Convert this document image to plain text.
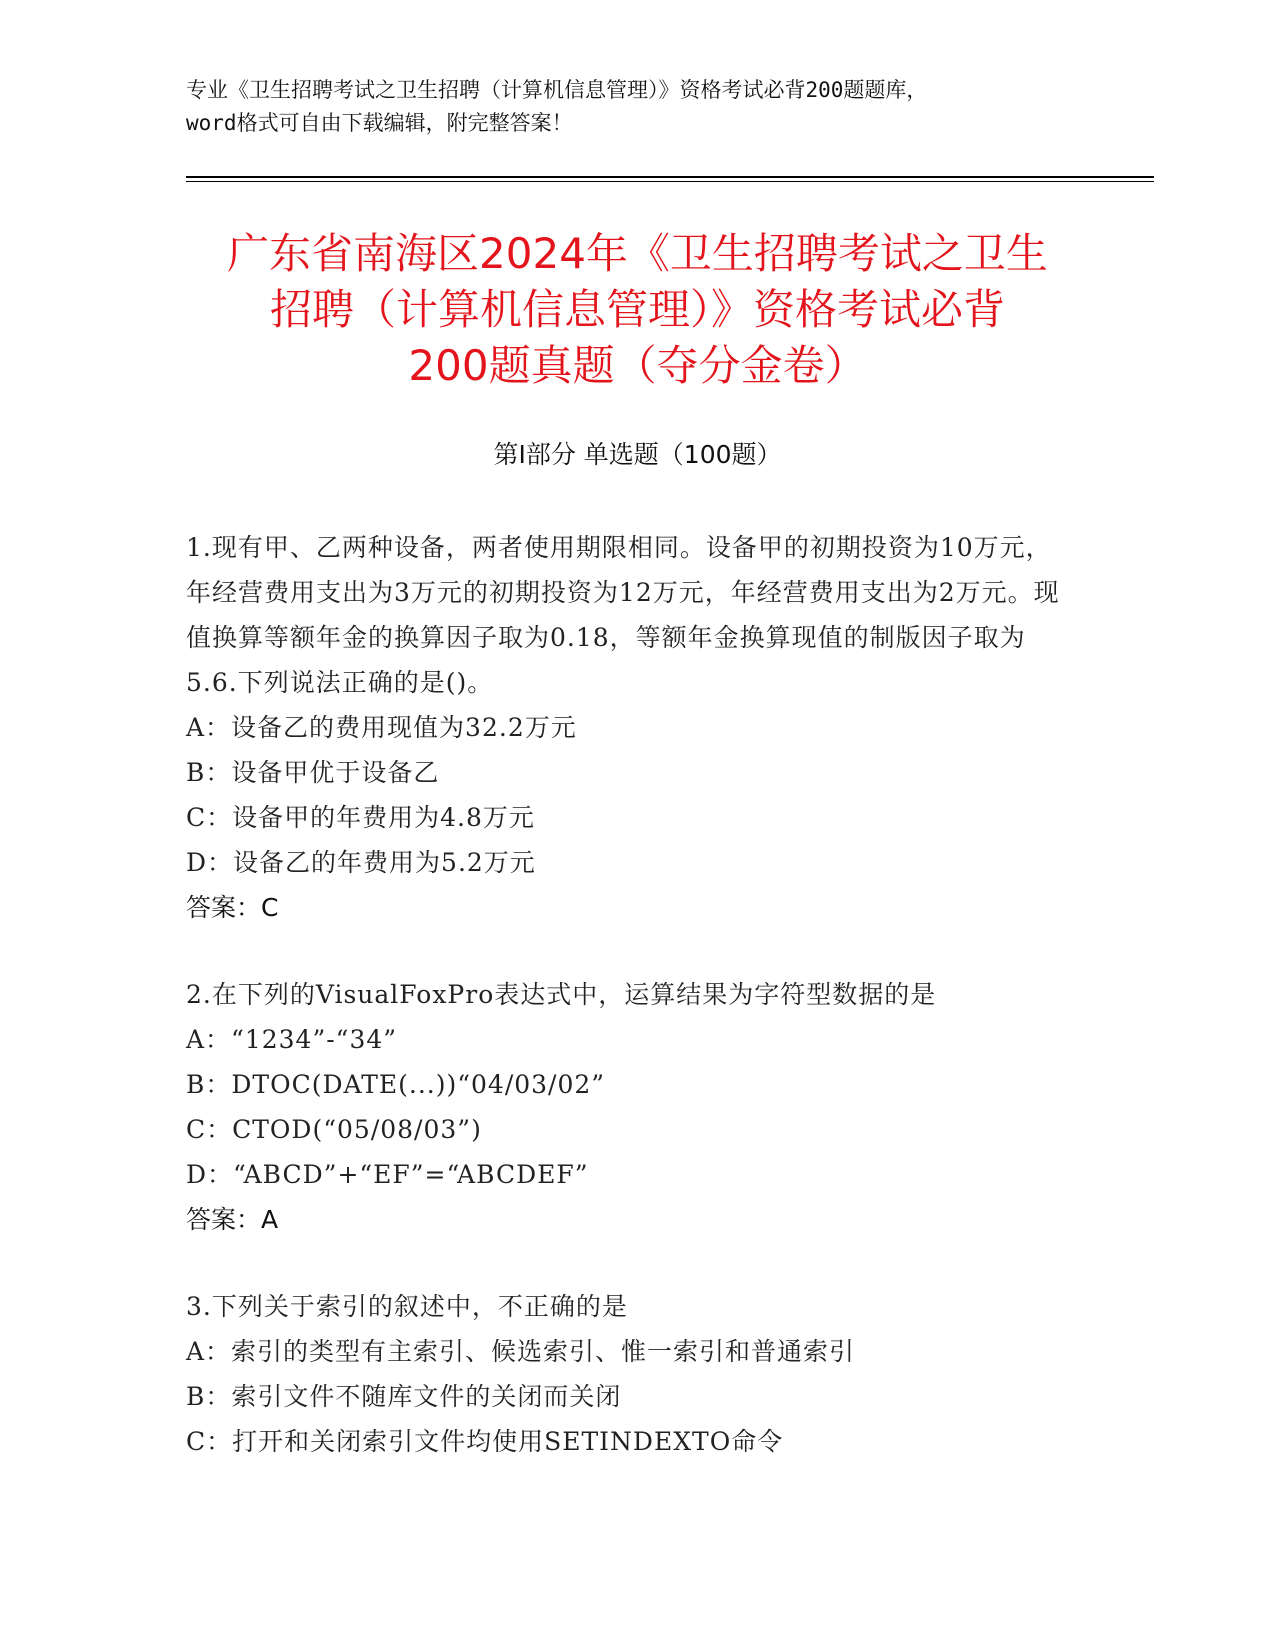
专业《卫生招聘考试之卫生招聘（计算机信息管理）》资格考试必背200题题库，
word格式可自由下载编辑，附完整答案！
广东省南海区2024年《卫生招聘考试之卫生
招聘（计算机信息管理）》资格考试必背
200题真题（夺分金卷）
第Ⅰ部分 单选题（100题）
1.现有甲、乙两种设备，两者使用期限相同。设备甲的初期投资为10万元，年经营费用支出为3万元的初期投资为12万元，年经营费用支出为2万元。现值换算等额年金的换算因子取为0.18，等额年金换算现值的制版因子取为5.6.下列说法正确的是()。
A：设备乙的费用现值为32.2万元
B：设备甲优于设备乙
C：设备甲的年费用为4.8万元
D：设备乙的年费用为5.2万元
答案：C
2.在下列的VisualFoxPro表达式中，运算结果为字符型数据的是
A：“1234”-“34”
B：DTOC(DATE(...))“04/03/02”
C：CTOD(“05/08/03”)
D：“ABCD”+“EF”=“ABCDEF”
答案：A
3.下列关于索引的叙述中，不正确的是
A：索引的类型有主索引、候选索引、惟一索引和普通索引
B：索引文件不随库文件的关闭而关闭
C：打开和关闭索引文件均使用SETINDEXTO命令
